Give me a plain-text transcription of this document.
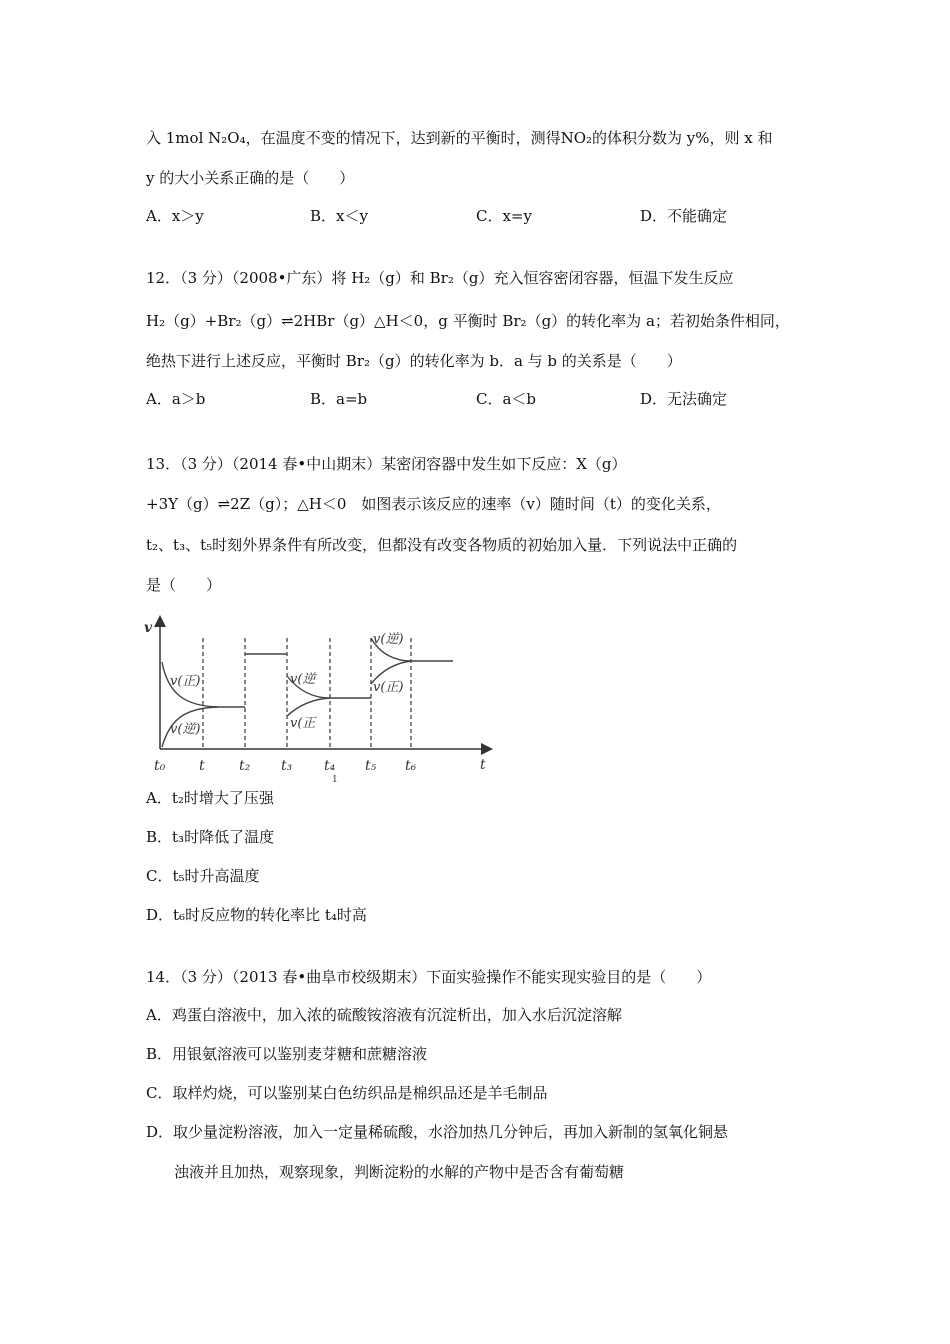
入 1mol N₂O₄，在温度不变的情况下，达到新的平衡时，测得NO₂的体积分数为 y%，则 x 和
y 的大小关系正确的是（　　）
A．x＞y	B．x＜y	C．x=y	D．不能确定
12．（3 分）（2008•广东）将 H₂（g）和 Br₂（g）充入恒容密闭容器，恒温下发生反应
H₂（g）+Br₂（g）⇌2HBr（g）△H＜0，g 平衡时 Br₂（g）的转化率为 a；若初始条件相同，
绝热下进行上述反应，平衡时 Br₂（g）的转化率为 b．a 与 b 的关系是（　　）
A．a＞b	B．a=b	C．a＜b	D．无法确定
13．（3 分）（2014 春•中山期末）某密闭容器中发生如下反应：X（g）
+3Y（g）⇌2Z（g）；△H＜0　如图表示该反应的速率（v）随时间（t）的变化关系，
t₂、t₃、t₅时刻外界条件有所改变，但都没有改变各物质的初始加入量．下列说法中正确的
是（　　）
v
t
v(正)
v(逆)
v(逆
v(正
v(逆)
v(正)
t₀ t t₂ t₃ t₄ t₅ t₆
1
A．t₂时增大了压强
B．t₃时降低了温度
C．t₅时升高温度
D．t₆时反应物的转化率比 t₄时高
14．（3 分）（2013 春•曲阜市校级期末）下面实验操作不能实现实验目的是（　　）
A．鸡蛋白溶液中，加入浓的硫酸铵溶液有沉淀析出，加入水后沉淀溶解
B．用银氨溶液可以鉴别麦芽糖和蔗糖溶液
C．取样灼烧，可以鉴别某白色纺织品是棉织品还是羊毛制品
D．取少量淀粉溶液，加入一定量稀硫酸，水浴加热几分钟后，再加入新制的氢氧化铜悬
浊液并且加热，观察现象，判断淀粉的水解的产物中是否含有葡萄糖
